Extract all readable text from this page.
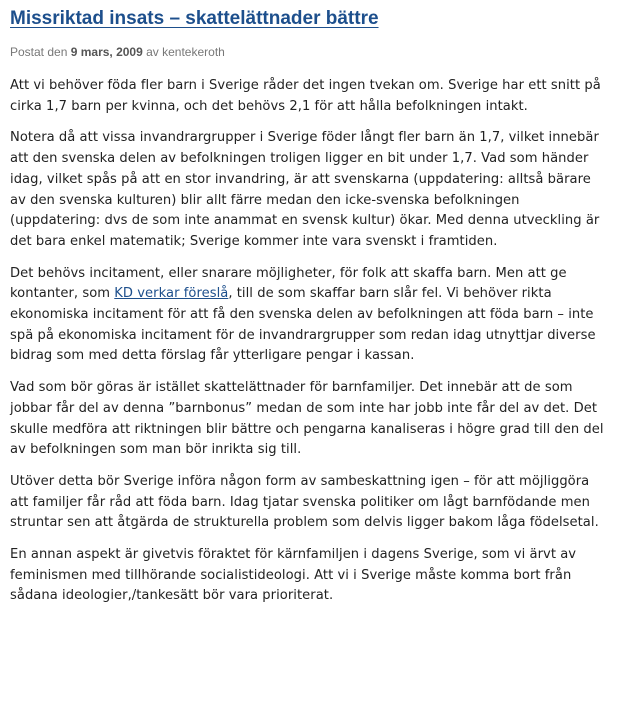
Missriktad insats – skattelättnader bättre
Postat den 9 mars, 2009 av kentekeroth

Att vi behöver föda fler barn i Sverige råder det ingen tvekan om. Sverige har ett snitt på cirka 1,7 barn per kvinna, och det behövs 2,1 för att hålla befolkningen intakt.

Notera då att vissa invandrargrupper i Sverige föder långt fler barn än 1,7, vilket innebär att den svenska delen av befolkningen troligen ligger en bit under 1,7. Vad som händer idag, vilket spås på att en stor invandring, är att svenskarna (uppdatering: alltså bärare av den svenska kulturen) blir allt färre medan den icke-svenska befolkningen (uppdatering: dvs de som inte anammat en svensk kultur) ökar. Med denna utveckling är det bara enkel matematik; Sverige kommer inte vara svenskt i framtiden.

Det behövs incitament, eller snarare möjligheter, för folk att skaffa barn. Men att ge kontanter, som KD verkar föreslå, till de som skaffar barn slår fel. Vi behöver rikta ekonomiska incitament för att få den svenska delen av befolkningen att föda barn – inte spä på ekonomiska incitament för de invandrargrupper som redan idag utnyttjar diverse bidrag som med detta förslag får ytterligare pengar i kassan.

Vad som bör göras är istället skattelättnader för barnfamiljer. Det innebär att de som jobbar får del av denna ”barnbonus” medan de som inte har jobb inte får del av det. Det skulle medföra att riktningen blir bättre och pengarna kanaliseras i högre grad till den del av befolkningen som man bör inrikta sig till.

Utöver detta bör Sverige införa någon form av sambeskattning igen – för att möjliggöra att familjer får råd att föda barn. Idag tjatar svenska politiker om lågt barnfödande men struntar sen att åtgärda de strukturella problem som delvis ligger bakom låga födelsetal.

En annan aspekt är givetvis föraktet för kärnfamiljen i dagens Sverige, som vi ärvt av feminismen med tillhörande socialistideologi. Att vi i Sverige måste komma bort från sådana ideologier,/tankesätt bör vara prioriterat.
